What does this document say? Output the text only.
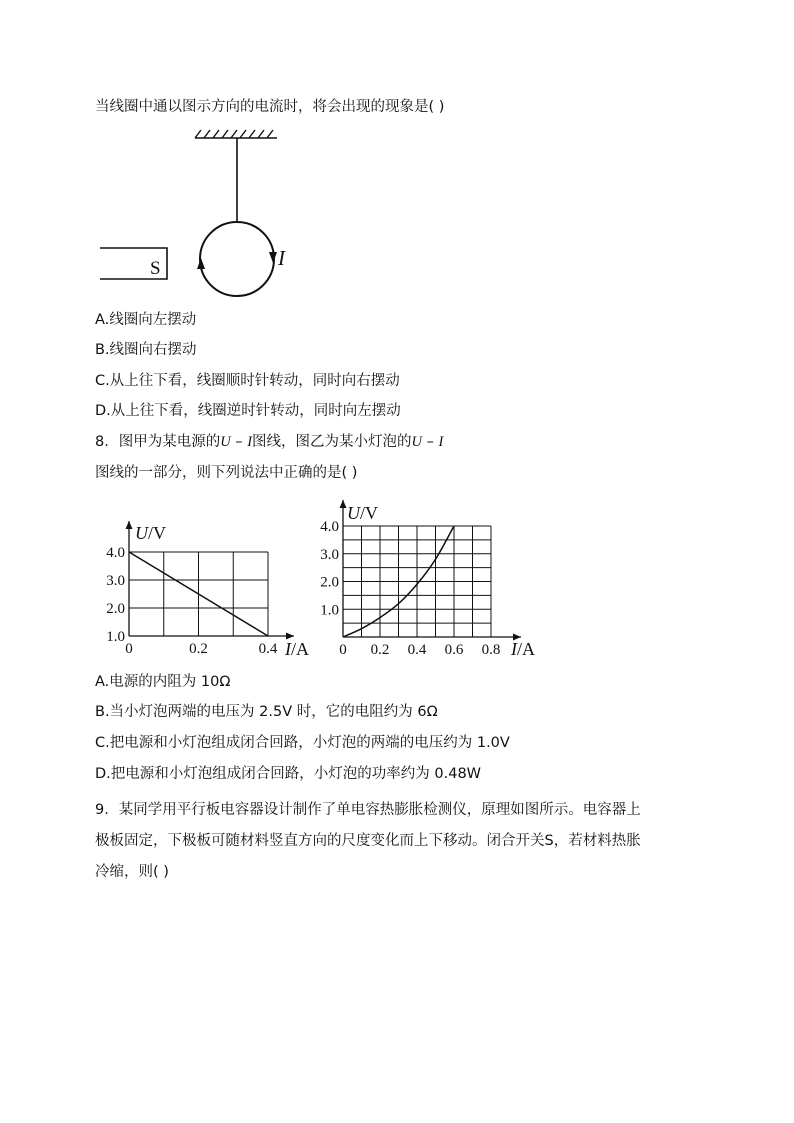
当线圈中通以图示方向的电流时，将会出现的现象是( )
S	I
A.线圈向左摆动
B.线圈向右摆动
C.从上往下看，线圈顺时针转动，同时向右摆动
D.从上往下看，线圈逆时针转动，同时向左摆动
8．图甲为某电源的U – I图线，图乙为某小灯泡的U – I
图线的一部分，则下列说法中正确的是( )
4.0
3.0
2.0
1.0
0	0.2	0.4
U/V
I/A
4.0
3.0
2.0
1.0
0 0.2 0.4 0.6 0.8
U/V
I/A
A.电源的内阻为 10Ω
B.当小灯泡两端的电压为 2.5V 时，它的电阻约为 6Ω
C.把电源和小灯泡组成闭合回路，小灯泡的两端的电压约为 1.0V
D.把电源和小灯泡组成闭合回路，小灯泡的功率约为 0.48W
9．某同学用平行板电容器设计制作了单电容热膨胀检测仪，原理如图所示。电容器上
极板固定，下极板可随材料竖直方向的尺度变化而上下移动。闭合开关S，若材料热胀
冷缩，则( )
